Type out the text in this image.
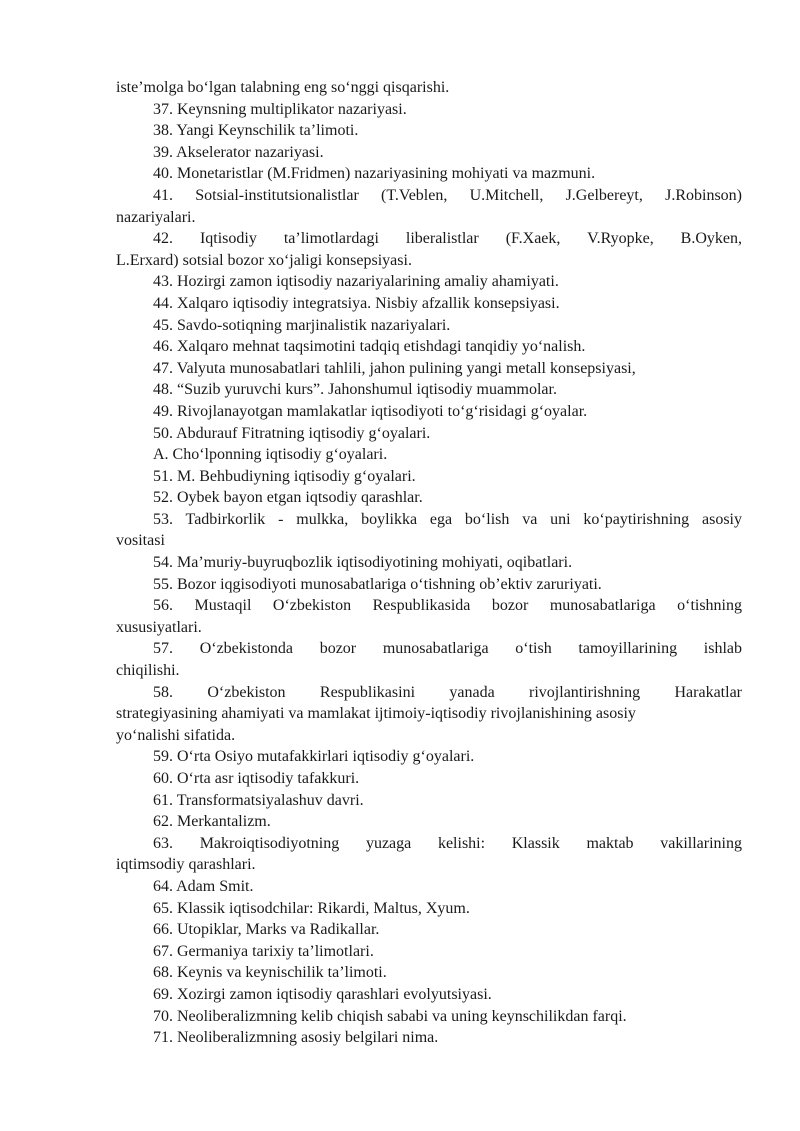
iste’molga bo‘lgan talabning eng so‘nggi qisqarishi.

37. Keynsning multiplikator nazariyasi.

38. Yangi Keynschilik ta’limoti.

39. Akselerator nazariyasi.

40. Monetaristlar (M.Fridmen) nazariyasining mohiyati va mazmuni.

41. Sotsial-institutsionalistlar (T.Veblen, U.Mitchell, J.Gelbereyt, J.Robinson)

nazariyalari.

42. Iqtisodiy ta’limotlardagi liberalistlar (F.Xaek, V.Ryopke, B.Oyken,

L.Erxard) sotsial bozor xo‘jaligi konsepsiyasi.

43. Hozirgi zamon iqtisodiy nazariyalarining amaliy ahamiyati.

44. Xalqaro iqtisodiy integratsiya. Nisbiy afzallik konsepsiyasi.

45. Savdo-sotiqning marjinalistik nazariyalari.

46. Xalqaro mehnat taqsimotini tadqiq etishdagi tanqidiy yo‘nalish.

47. Valyuta munosabatlari tahlili, jahon pulining yangi metall konsepsiyasi,

48. “Suzib yuruvchi kurs”. Jahonshumul iqtisodiy muammolar.

49. Rivojlanayotgan mamlakatlar iqtisodiyoti to‘g‘risidagi g‘oyalar.

50. Abdurauf Fitratning iqtisodiy g‘oyalari.

A. Cho‘lponning iqtisodiy g‘oyalari.

51. M. Behbudiyning iqtisodiy g‘oyalari.

52. Oybek bayon etgan iqtsodiy qarashlar.

53. Tadbirkorlik - mulkka, boylikka ega bo‘lish va uni ko‘paytirishning asosiy

vositasi

54. Ma’muriy-buyruqbozlik iqtisodiyotining mohiyati, oqibatlari.

55. Bozor iqgisodiyoti munosabatlariga o‘tishning ob’ektiv zaruriyati.

56. Mustaqil O‘zbekiston Respublikasida bozor munosabatlariga o‘tishning

xususiyatlari.

57. O‘zbekistonda bozor munosabatlariga o‘tish tamoyillarining ishlab

chiqilishi.

58. O‘zbekiston Respublikasini yanada rivojlantirishning Harakatlar

strategiyasining ahamiyati va mamlakat ijtimoiy-iqtisodiy rivojlanishining asosiy

yo‘nalishi sifatida.

59. O‘rta Osiyo mutafakkirlari iqtisodiy g‘oyalari.

60. O‘rta asr iqtisodiy tafakkuri.

61. Transformatsiyalashuv davri.

62. Merkantalizm.

63. Makroiqtisodiyotning yuzaga kelishi: Klassik maktab vakillarining

iqtimsodiy qarashlari.

64. Adam Smit.

65. Klassik iqtisodchilar: Rikardi, Maltus, Xyum.

66. Utopiklar, Marks va Radikallar.

67. Germaniya tarixiy ta’limotlari.

68. Keynis va keynischilik ta’limoti.

69. Xozirgi zamon iqtisodiy qarashlari evolyutsiyasi.

70. Neoliberalizmning kelib chiqish sababi va uning keynschilikdan farqi.

71. Neoliberalizmning asosiy belgilari nima.
